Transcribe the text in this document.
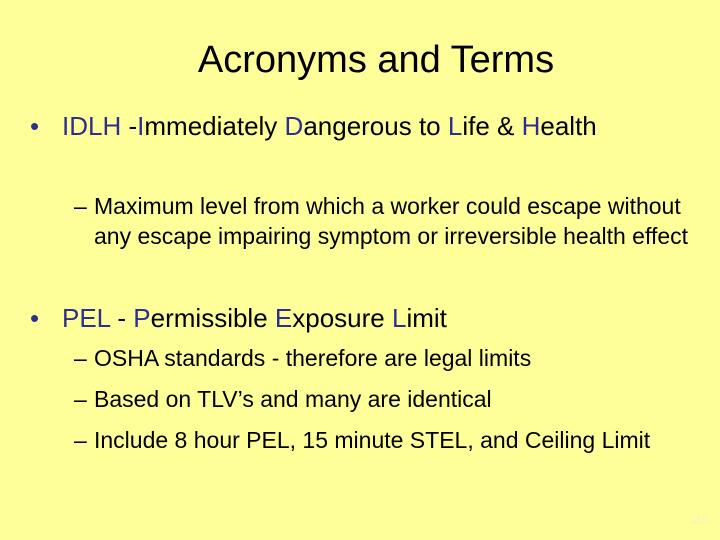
Acronyms and Terms
• IDLH -Immediately Dangerous to Life & Health
– Maximum level from which a worker could escape without any escape impairing symptom or irreversible health effect
• PEL - Permissible Exposure Limit
– OSHA standards - therefore are legal limits
– Based on TLV’s and many are identical
– Include 8 hour PEL, 15 minute STEL, and Ceiling Limit
110
